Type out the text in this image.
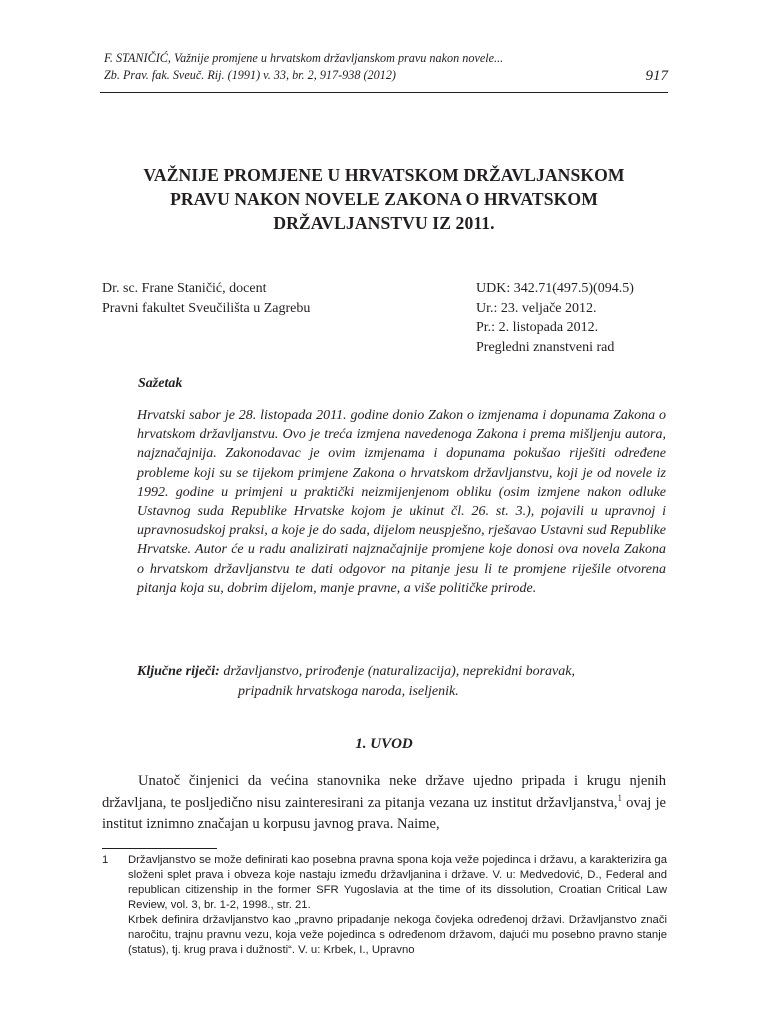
F. STANIČIĆ, Važnije promjene u hrvatskom državljanskom pravu nakon novele...
Zb. Prav. fak. Sveuč. Rij. (1991) v. 33, br. 2, 917-938 (2012)	917
VAŽNIJE PROMJENE U HRVATSKOM DRŽAVLJANSKOM
PRAVU NAKON NOVELE ZAKONA O HRVATSKOM
DRŽAVLJANSTVU IZ 2011.
Dr. sc. Frane Staničić, docent
Pravni fakultet Sveučilišta u Zagrebu
UDK: 342.71(497.5)(094.5)
Ur.: 23. veljače 2012.
Pr.: 2. listopada 2012.
Pregledni znanstveni rad
Sažetak
Hrvatski sabor je 28. listopada 2011. godine donio Zakon o izmjenama i dopunama Zakona o hrvatskom državljanstvu. Ovo je treća izmjena navedenoga Zakona i prema mišljenju autora, najznačajnija. Zakonodavac je ovim izmjenama i dopunama pokušao riješiti određene probleme koji su se tijekom primjene Zakona o hrvatskom državljanstvu, koji je od novele iz 1992. godine u primjeni u praktički neizmijenjenom obliku (osim izmjene nakon odluke Ustavnog suda Republike Hrvatske kojom je ukinut čl. 26. st. 3.), pojavili u upravnoj i upravnosudskoj praksi, a koje je do sada, dijelom neuspješno, rješavao Ustavni sud Republike Hrvatske. Autor će u radu analizirati najznačajnije promjene koje donosi ova novela Zakona o hrvatskom državljanstvu te dati odgovor na pitanje jesu li te promjene riješile otvorena pitanja koja su, dobrim dijelom, manje pravne, a više političke prirode.
Ključne riječi: državljanstvo, prirođenje (naturalizacija), neprekidni boravak,
pripadnik hrvatskoga naroda, iseljenik.
1. UVOD

Unatoč činjenici da većina stanovnika neke države ujedno pripada i krugu njenih državljana, te posljedično nisu zainteresirani za pitanja vezana uz institut državljanstva,$^1$ ovaj je institut iznimno značajan u korpusu javnog prava. Naime,

1	Državljanstvo se može definirati kao posebna pravna spona koja veže pojedinca i državu, a karakterizira ga složeni splet prava i obveza koje nastaju između državljanina i države. V. u: Medvedović, D., Federal and republican citizenship in the former SFR Yugoslavia at the time of its dissolution, Croatian Critical Law Review, vol. 3, br. 1-2, 1998., str. 21.

Krbek definira državljanstvo kao „pravno pripadanje nekoga čovjeka određenoj državi. Državljanstvo znači naročitu, trajnu pravnu vezu, koja veže pojedinca s određenom državom, dajući mu posebno pravno stanje (status), tj. krug prava i dužnosti“. V. u: Krbek, I., Upravno
